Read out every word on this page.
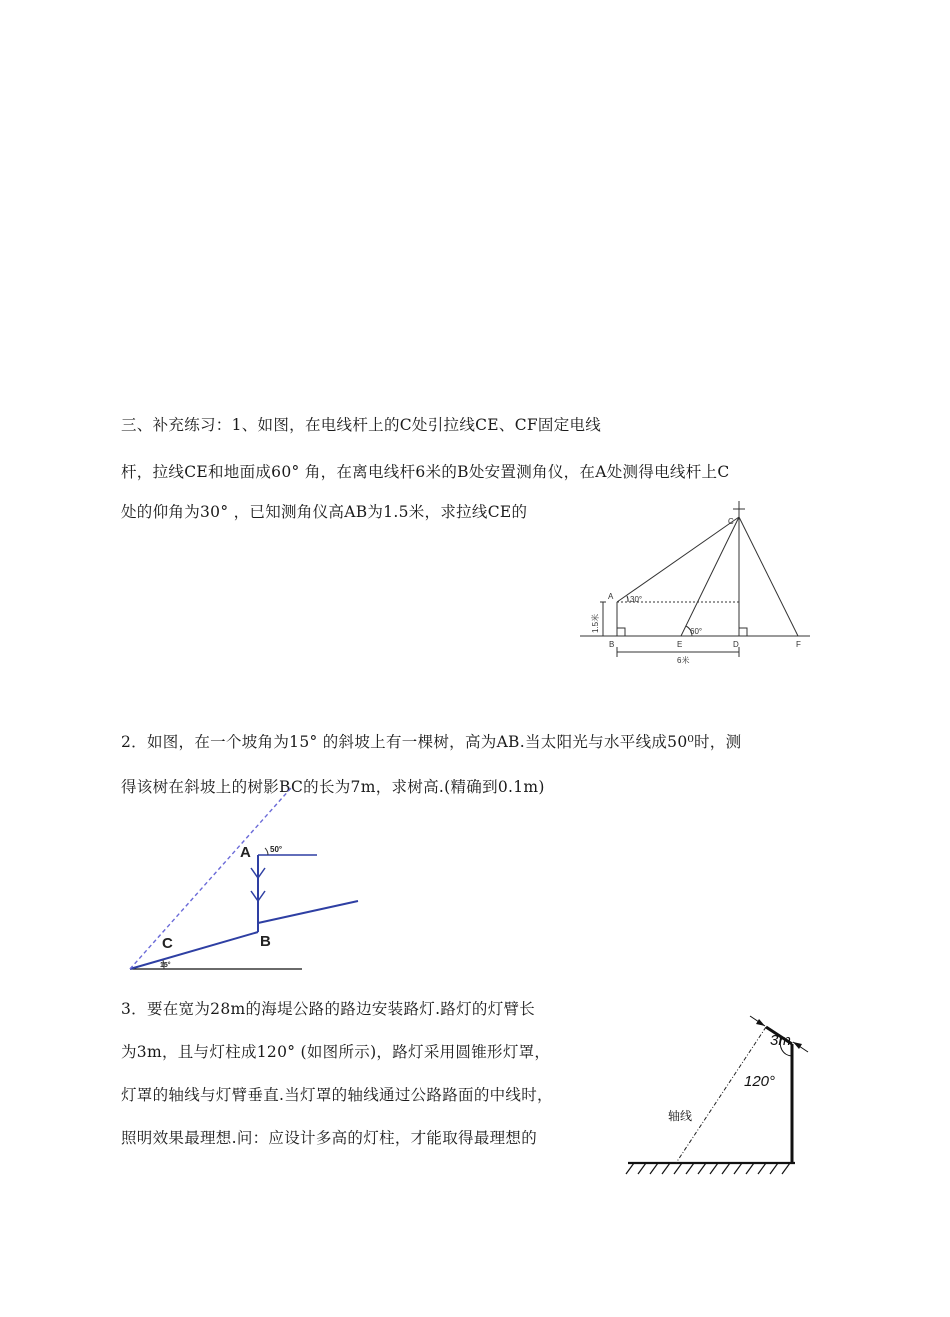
三、补充练习：1、如图，在电线杆上的C处引拉线CE、CF固定电线
杆，拉线CE和地面成60° 角，在离电线杆6米的B处安置测角仪，在A处测得电线杆上C
处的仰角为30° ，已知测角仪高AB为1.5米，求拉线CE的
C
A
B	E	D	F
30°
60°
6米
1.5米
2．如图，在一个坡角为15° 的斜坡上有一棵树，高为AB.当太阳光与水平线成50⁰时，测
得该树在斜坡上的树影BC的长为7m，求树高.(精确到0.1m)
A
B
C
50°
15°
3．要在宽为28m的海堤公路的路边安装路灯.路灯的灯臂长
为3m，且与灯柱成120° (如图所示)，路灯采用圆锥形灯罩，
灯罩的轴线与灯臂垂直.当灯罩的轴线通过公路路面的中线时，
照明效果最理想.问：应设计多高的灯柱，才能取得最理想的
3m
120°
轴线
